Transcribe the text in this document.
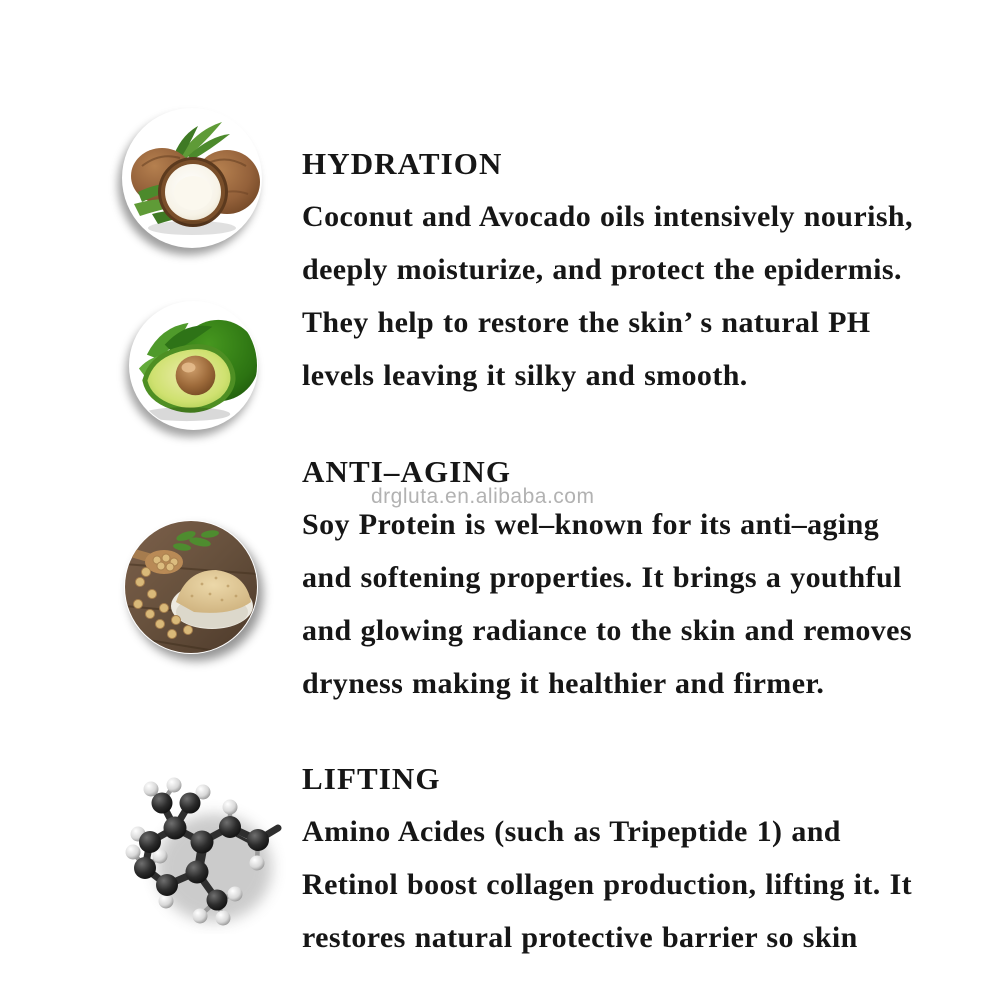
HYDRATION
Coconut and Avocado oils intensively nourish,
deeply moisturize, and protect the epidermis.
They help to restore the skin’ s natural PH
levels leaving it silky and smooth.
drgluta.en.alibaba.com
ANTI–AGING
Soy Protein is wel–known for its anti–aging
and softening properties. It brings a youthful
and glowing radiance to the skin and removes
dryness making it healthier and firmer.
LIFTING
Amino Acides (such as Tripeptide 1) and
Retinol boost collagen production, lifting it. It
restores natural protective barrier so skin
